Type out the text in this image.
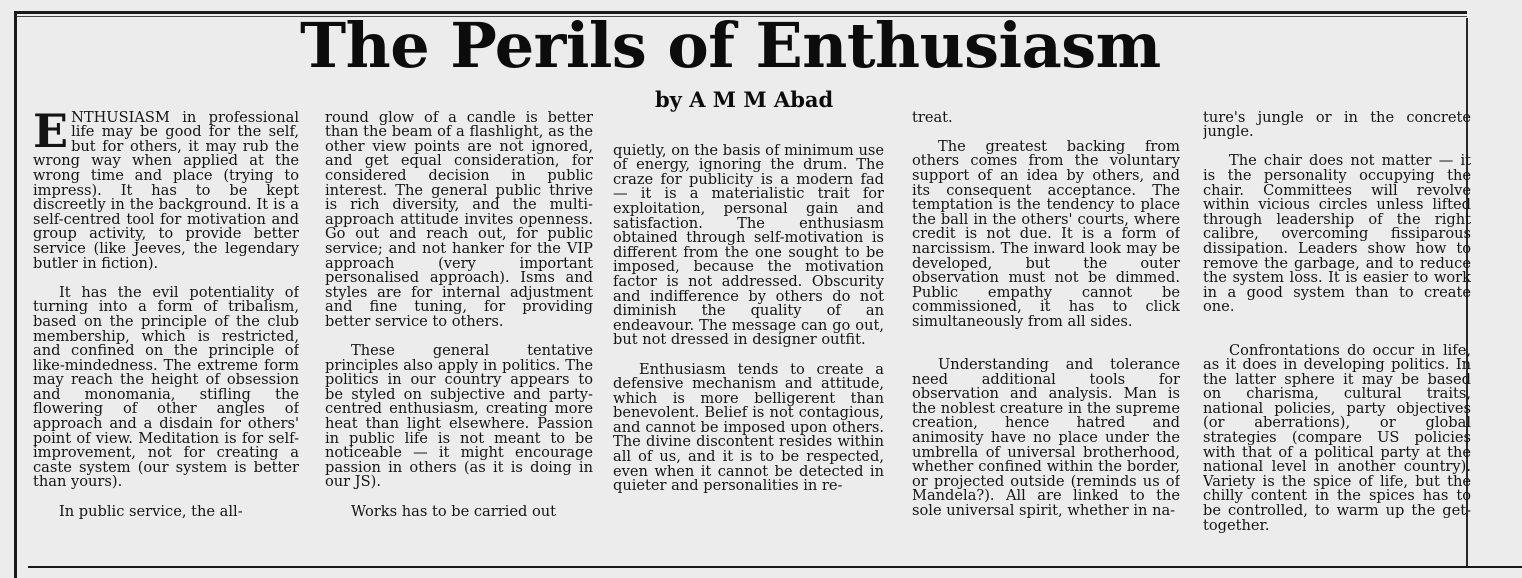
The Perils of Enthusiasm
by A M M Abad

ENTHUSIASM in professional life may be good for the self, but for others, it may rub the wrong way when applied at the wrong time and place (trying to impress). It has to be kept discreetly in the background. It is a self-centred tool for motivation and group activity, to provide better service (like Jeeves, the legendary butler in fiction).

It has the evil potentiality of turning into a form of tribalism, based on the principle of the club membership, which is restricted, and confined on the principle of like-mindedness. The extreme form may reach the height of obsession and monomania, stifling the flowering of other angles of approach and a disdain for others' point of view. Meditation is for self-improvement, not for creating a caste system (our system is better than yours).

In public service, the all-

round glow of a candle is better than the beam of a flashlight, as the other view points are not ignored, and get equal consideration, for considered decision in public interest. The general public thrive is rich diversity, and the multi-approach attitude invites openness. Go out and reach out, for public service; and not hanker for the VIP approach (very important personalised approach). Isms and styles are for internal adjustment and fine tuning, for providing better service to others.

These general tentative principles also apply in politics. The politics in our country appears to be styled on subjective and party-centred enthusiasm, creating more heat than light elsewhere. Passion in public life is not meant to be noticeable — it might encourage passion in others (as it is doing in our JS).

Works has to be carried out

quietly, on the basis of minimum use of energy, ignoring the drum. The craze for publicity is a modern fad — it is a materialistic trait for exploitation, personal gain and satisfaction. The enthusiasm obtained through self-motivation is different from the one sought to be imposed, because the motivation factor is not addressed. Obscurity and indifference by others do not diminish the quality of an endeavour. The message can go out, but not dressed in designer outfit.

Enthusiasm tends to create a defensive mechanism and attitude, which is more belligerent than benevolent. Belief is not contagious, and cannot be imposed upon others. The divine discontent resides within all of us, and it is to be respected, even when it cannot be detected in quieter and personalities in re-

treat.

The greatest backing from others comes from the voluntary support of an idea by others, and its consequent acceptance. The temptation is the tendency to place the ball in the others' courts, where credit is not due. It is a form of narcissism. The inward look may be developed, but the outer observation must not be dimmed. Public empathy cannot be commissioned, it has to click simultaneously from all sides.

Understanding and tolerance need additional tools for observation and analysis. Man is the noblest creature in the supreme creation, hence hatred and animosity have no place under the umbrella of universal brotherhood, whether confined within the border, or projected outside (reminds us of Mandela?). All are linked to the sole universal spirit, whether in na-

ture's jungle or in the concrete jungle.

The chair does not matter — it is the personality occupying the chair. Committees will revolve within vicious circles unless lifted through leadership of the right calibre, overcoming fissiparous dissipation. Leaders show how to remove the garbage, and to reduce the system loss. It is easier to work in a good system than to create one.

Confrontations do occur in life, as it does in developing politics. In the latter sphere it may be based on charisma, cultural traits, national policies, party objectives (or aberrations), or global strategies (compare US policies with that of a political party at the national level in another country). Variety is the spice of life, but the chilly content in the spices has to be controlled, to warm up the get-together.
